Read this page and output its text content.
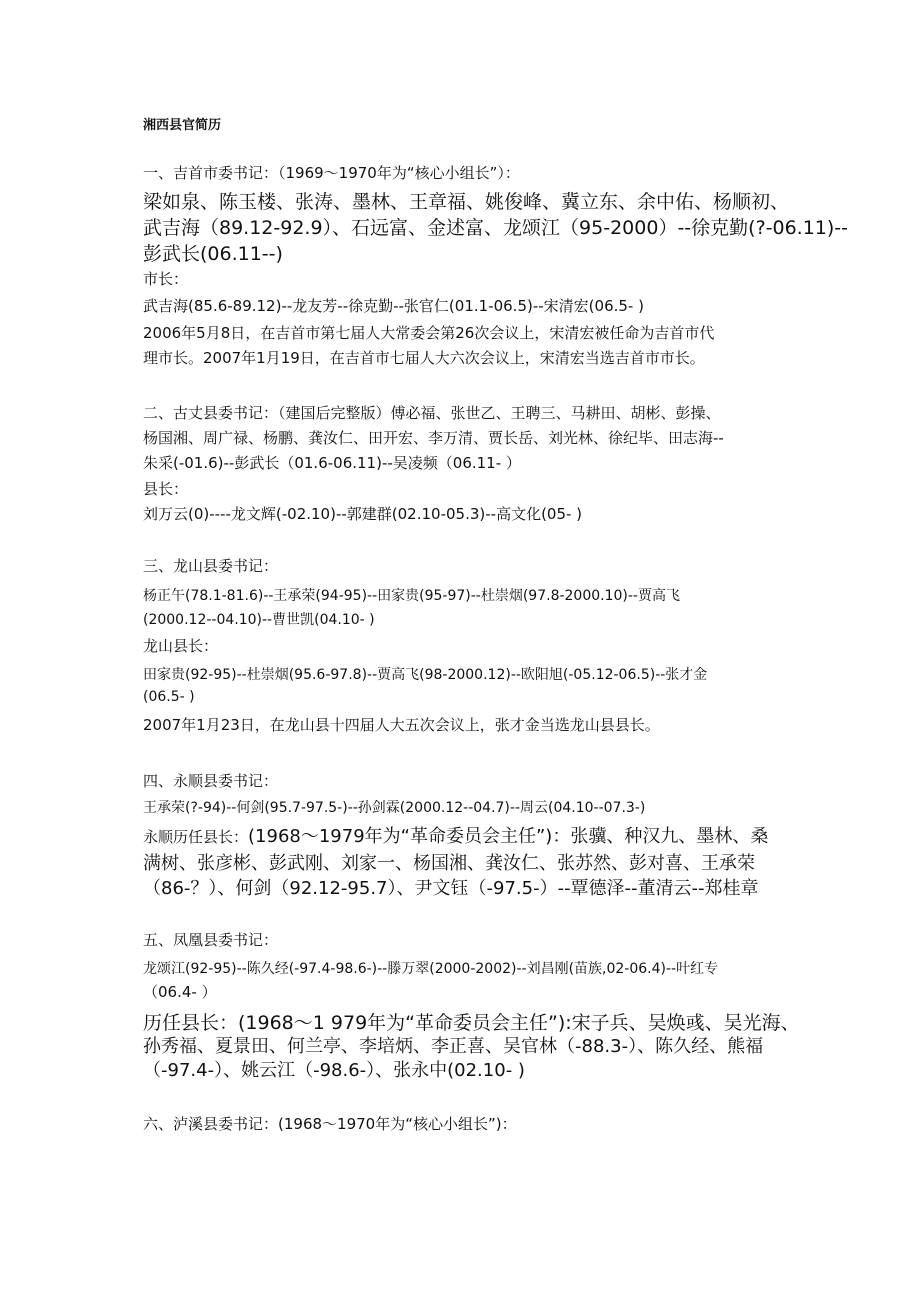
湘西县官简历
一、吉首市委书记：（1969～1970年为“核心小组长”）：
梁如泉、陈玉楼、张涛、墨林、王章福、姚俊峰、冀立东、余中佑、杨顺初、
武吉海（89.12-92.9）、石远富、金述富、龙颂江（95-2000）--徐克勤(?-06.11)--
彭武长(06.11--)
市长：
武吉海(85.6-89.12)--龙友芳--徐克勤--张官仁(01.1-06.5)--宋清宏(06.5- )
2006年5月8日，在吉首市第七届人大常委会第26次会议上，宋清宏被任命为吉首市代
理市长。2007年1月19日，在吉首市七届人大六次会议上，宋清宏当选吉首市市长。
二、古丈县委书记：（建国后完整版）傅必福、张世乙、王聘三、马耕田、胡彬、彭操、
杨国湘、周广禄、杨鹏、龚汝仁、田开宏、李万清、贾长岳、刘光林、徐纪毕、田志海--
朱采(-01.6)--彭武长（01.6-06.11)--吴凌频（06.11- ）
县长：
刘万云(0)----龙文辉(-02.10)--郭建群(02.10-05.3)--高文化(05- )
三、龙山县委书记：
杨正午(78.1-81.6)--王承荣(94-95)--田家贵(95-97)--杜崇烟(97.8-2000.10)--贾高飞
(2000.12--04.10)--曹世凯(04.10- )
龙山县长：
田家贵(92-95)--杜崇烟(95.6-97.8)--贾高飞(98-2000.12)--欧阳旭(-05.12-06.5)--张才金
(06.5- )
2007年1月23日，在龙山县十四届人大五次会议上，张才金当选龙山县县长。
四、永顺县委书记：
王承荣(?-94)--何剑(95.7-97.5-)--孙剑霖(2000.12--04.7)--周云(04.10--07.3-)
永顺历任县长：(1968～1979年为“革命委员会主任”)：张骥、种汉九、墨林、桑
满树、张彦彬、彭武刚、刘家一、杨国湘、龚汝仁、张苏然、彭对喜、王承荣
（86-？）、何剑（92.12-95.7）、尹文钰（-97.5-）--覃德泽--董清云--郑桂章
五、凤凰县委书记：
龙颂江(92-95)--陈久经(-97.4-98.6-)--滕万翠(2000-2002)--刘昌刚(苗族,02-06.4)--叶红专
（06.4- ）
历任县长：(1968～1 979年为“革命委员会主任”):宋子兵、吴焕彧、吴光海、
孙秀福、夏景田、何兰亭、李培炳、李正喜、吴官林（-88.3-）、陈久经、熊福
（-97.4-）、姚云江（-98.6-）、张永中(02.10- )
六、泸溪县委书记：(1968～1970年为“核心小组长”)：
